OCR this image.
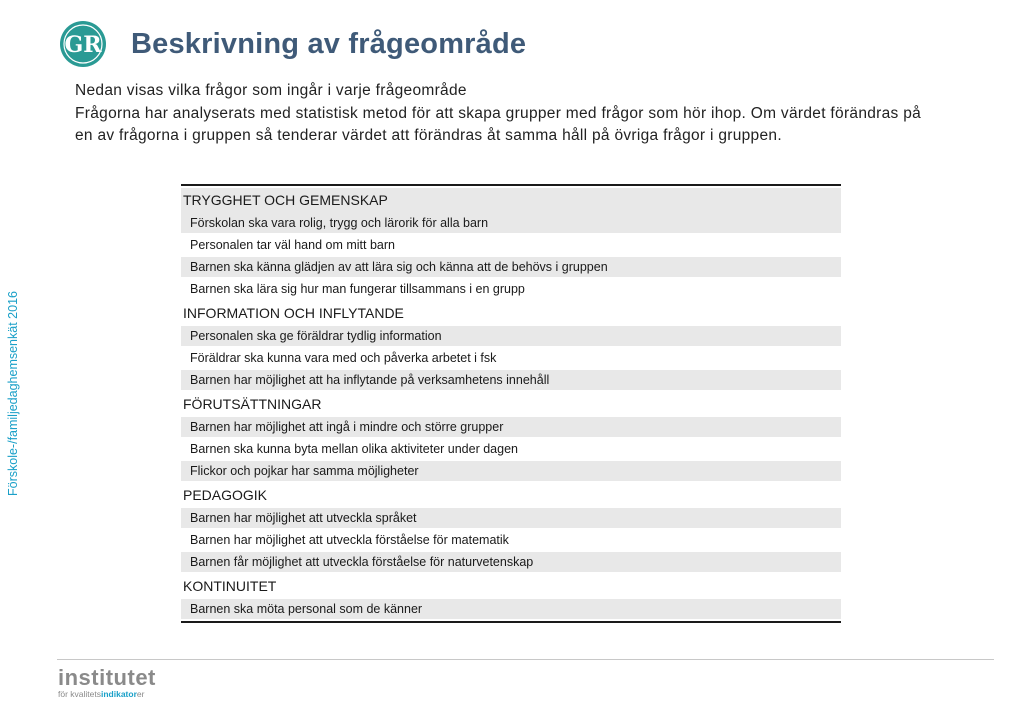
Förskole-/familjedaghemsenkät 2016
GR Beskrivning av frågeområde

Nedan visas vilka frågor som ingår i varje frågeområde

Frågorna har analyserats med statistisk metod för att skapa grupper med frågor som hör ihop. Om värdet förändras på en av frågorna i gruppen så tenderar värdet att förändras åt samma håll på övriga frågor i gruppen.

TRYGGHET OCH GEMENSKAP
Förskolan ska vara rolig, trygg och lärorik för alla barn
Personalen tar väl hand om mitt barn
Barnen ska känna glädjen av att lära sig och känna att de behövs i gruppen
Barnen ska lära sig hur man fungerar tillsammans i en grupp
INFORMATION OCH INFLYTANDE
Personalen ska ge föräldrar tydlig information
Föräldrar ska kunna vara med och påverka arbetet i fsk
Barnen har möjlighet att ha inflytande på verksamhetens innehåll
FÖRUTSÄTTNINGAR
Barnen har möjlighet att ingå i mindre och större grupper
Barnen ska kunna byta mellan olika aktiviteter under dagen
Flickor och pojkar har samma möjligheter
PEDAGOGIK
Barnen har möjlighet att utveckla språket
Barnen har möjlighet att utveckla förståelse för matematik
Barnen får möjlighet att utveckla förståelse för naturvetenskap
KONTINUITET
Barnen ska möta personal som de känner
institutet
för kvalitetsindikatorer
